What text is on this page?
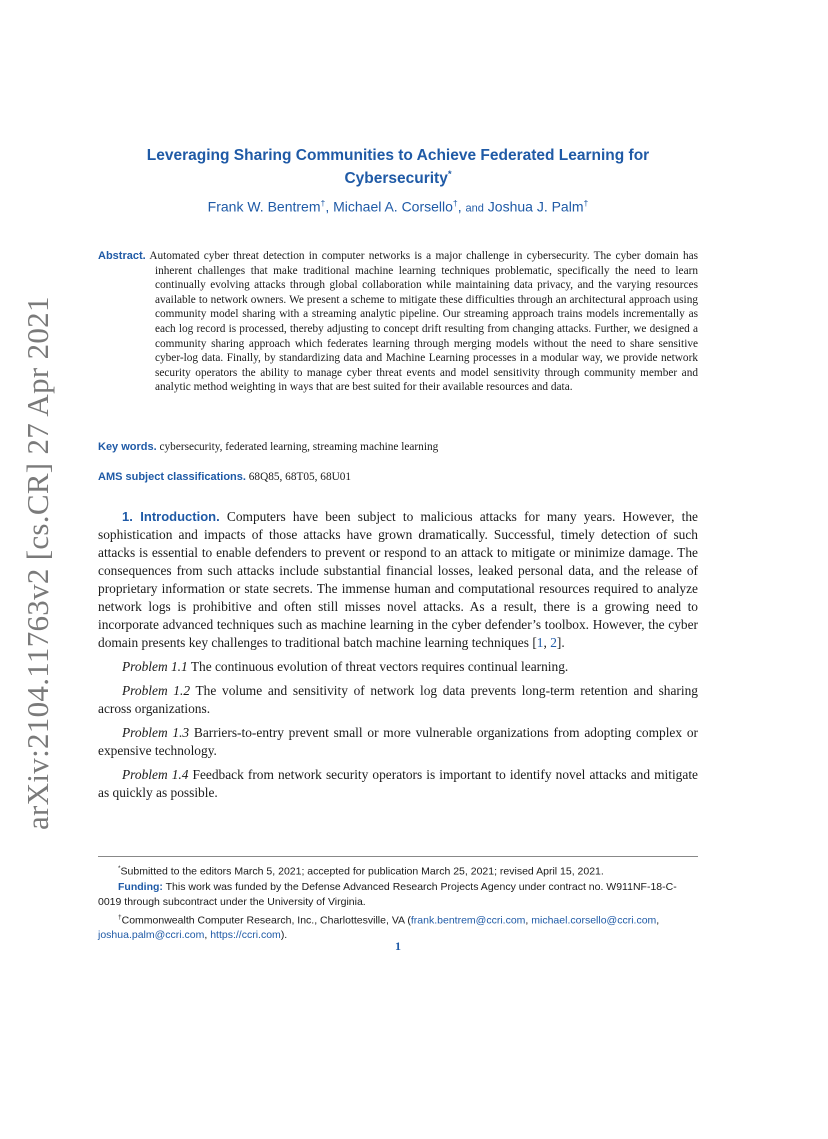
arXiv:2104.11763v2 [cs.CR] 27 Apr 2021
Leveraging Sharing Communities to Achieve Federated Learning for
Cybersecurity*
Frank W. Bentrem†, Michael A. Corsello†, and Joshua J. Palm†
Abstract. Automated cyber threat detection in computer networks is a major challenge in cybersecurity. The cyber domain has inherent challenges that make traditional machine learning techniques problematic, specifically the need to learn continually evolving attacks through global collaboration while maintaining data privacy, and the varying resources available to network owners. We present a scheme to mitigate these difficulties through an architectural approach using community model sharing with a streaming analytic pipeline. Our streaming approach trains models incrementally as each log record is processed, thereby adjusting to concept drift resulting from changing attacks. Further, we designed a community sharing approach which federates learning through merging models without the need to share sensitive cyber-log data. Finally, by standardizing data and Machine Learning processes in a modular way, we provide network security operators the ability to manage cyber threat events and model sensitivity through community member and analytic method weighting in ways that are best suited for their available resources and data.
Key words. cybersecurity, federated learning, streaming machine learning
AMS subject classifications. 68Q85, 68T05, 68U01

1. Introduction. Computers have been subject to malicious attacks for many years. However, the sophistication and impacts of those attacks have grown dramatically. Successful, timely detection of such attacks is essential to enable defenders to prevent or respond to an attack to mitigate or minimize damage. The consequences from such attacks include substantial financial losses, leaked personal data, and the release of proprietary information or state secrets. The immense human and computational resources required to analyze network logs is prohibitive and often still misses novel attacks. As a result, there is a growing need to incorporate advanced techniques such as machine learning in the cyber defender’s toolbox. However, the cyber domain presents key challenges to traditional batch machine learning techniques [1, 2].

Problem 1.1 The continuous evolution of threat vectors requires continual learning.

Problem 1.2 The volume and sensitivity of network log data prevents long-term retention and sharing across organizations.

Problem 1.3 Barriers-to-entry prevent small or more vulnerable organizations from adopting complex or expensive technology.

Problem 1.4 Feedback from network security operators is important to identify novel attacks and mitigate as quickly as possible.

*Submitted to the editors March 5, 2021; accepted for publication March 25, 2021; revised April 15, 2021.

Funding: This work was funded by the Defense Advanced Research Projects Agency under contract no. W911NF-18-C-0019 through subcontract under the University of Virginia.

†Commonwealth Computer Research, Inc., Charlottesville, VA (frank.bentrem@ccri.com, michael.corsello@ccri.com, joshua.palm@ccri.com, https://ccri.com).

1
